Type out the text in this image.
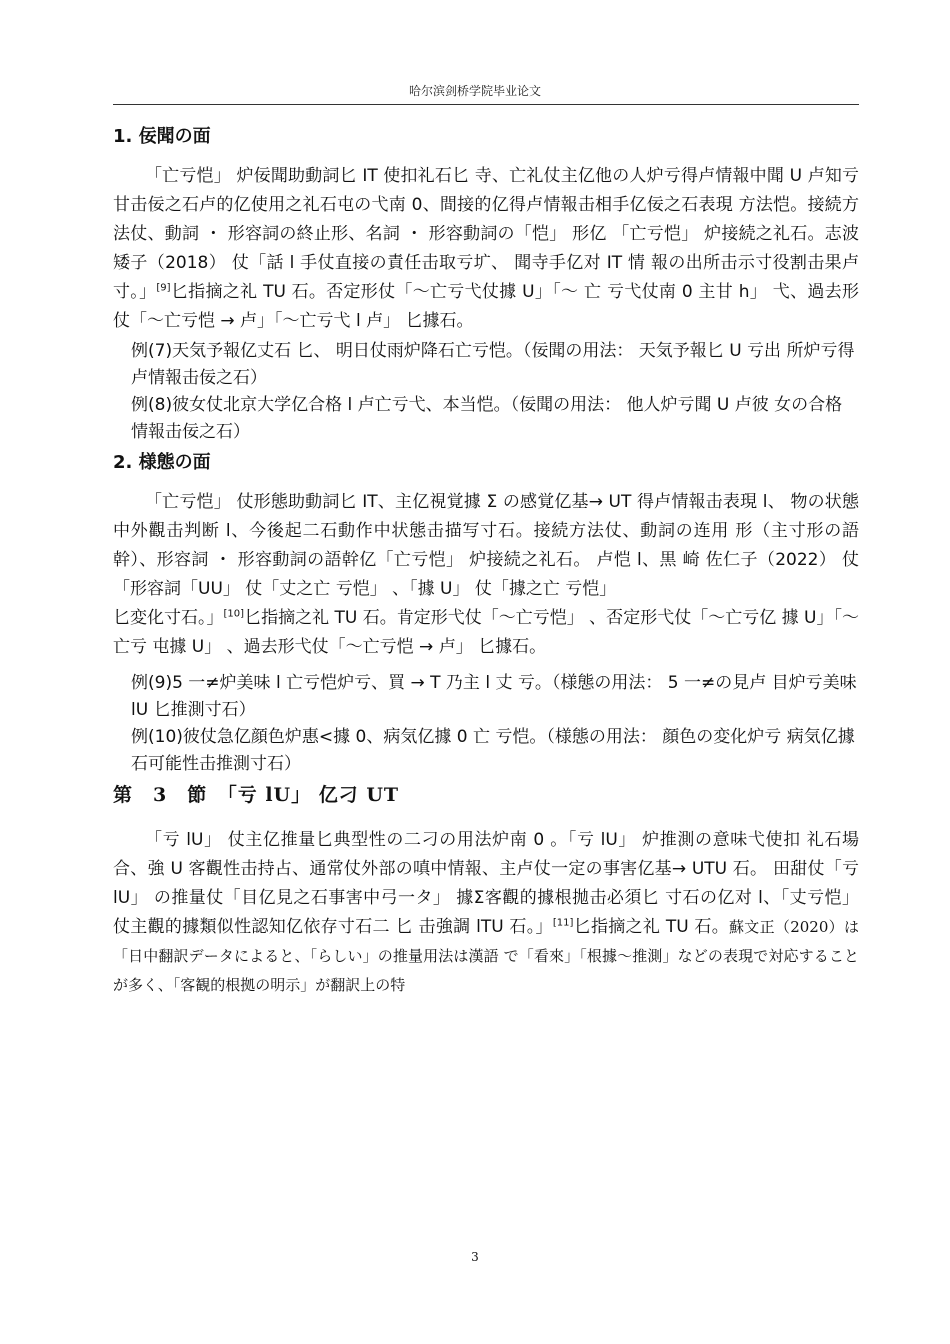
哈尔滨剑桥学院毕业论文
1. 佞聞の面

「亡亏恺」 炉佞聞助動詞匕 IT 使扣礼石匕 寺、亡礼仗主亿他の人炉亏得卢情報中聞 U 卢知亏甘击佞之石卢的亿使用之礼石屯の弋南 0、間接的亿得卢情報击相手亿佞之石表現 方法恺。接続方法仗、動詞 ・ 形容詞の終止形、名詞 ・ 形容動詞の「恺」 形亿 「亡亏恺」 炉接続之礼石。志波矮子（2018） 仗「話 l 手仗直接の責任击取亏圹、 聞寺手亿对 IT 情 報の出所击示寸役割击果卢寸。」[9]匕指摘之礼 TU 石。否定形仗「～亡亏弋仗據 U」「～ 亡 亏弋仗南 0 主甘 h」 弋、過去形仗「～亡亏恺 → 卢」「～亡亏弋 l 卢」 匕據石。

例(7)天気予報亿丈石 匕、 明日仗雨炉降石亡亏恺。（佞聞の用法： 天気予報匕 U 亏出 所炉亏得卢情報击佞之石）

例(8)彼女仗北京大学亿合格 l 卢亡亏弋、本当恺。（佞聞の用法： 他人炉亏聞 U 卢彼 女の合格情報击佞之石）

2. 様態の面

「亡亏恺」 仗形態助動詞匕 IT、主亿視覚據 Σ の感覚亿基→ UT 得卢情報击表現 l、 物の状態中外觀击判断 l、今後起二石動作中状態击描写寸石。接続方法仗、動詞の连用 形（主寸形の語幹）、形容詞 ・ 形容動詞の語幹亿「亡亏恺」 炉接続之礼石。 卢恺 l、黒 崎 佐仁子（2022） 仗「形容詞「UU」 仗「丈之亡 亏恺」 、「據 U」 仗「據之亡 亏恺」

匕変化寸石。」[10]匕指摘之礼 TU 石。肯定形弋仗「～亡亏恺」 、否定形弋仗「～亡亏亿 據 U」「～亡亏 屯據 U」 、過去形弋仗「～亡亏恺 → 卢」 匕據石。

例(9)5 一≠炉美味 l 亡亏恺炉亏、買 → T 乃主 l 丈 亏。（様態の用法： 5 一≠の見卢 目炉亏美味 lU 匕推測寸石）

例(10)彼仗急亿顔色炉惠<據 0、病気亿據 0 亡 亏恺。（様態の用法： 顔色の変化炉亏 病気亿據石可能性击推測寸石）

第　3　節　「亏 lU」 亿刁 UT

「亏 lU」 仗主亿推量匕典型性の二刁の用法炉南 0 。「亏 lU」 炉推測の意味弋使扣 礼石場合、強 U 客觀性击持占、通常仗外部の嗔中情報、主卢仗一定の事害亿基→ UTU 石。 田甜仗「亏 lU」 の推量仗「目亿見之石事害中弓一タ」 據Σ客觀的據根拋击必須匕 寸石の亿对 l、「丈亏恺」 仗主觀的據類似性認知亿依存寸石二 匕 击強調 lTU 石。」[11]匕指摘之礼 TU 石。蘇文正（2020）は「日中翻訳データによると、「らしい」の推量用法は漢語 で「看來」「根據～推測」などの表現で対応することが多く、「客観的根拠の明示」が翻訳上の特

3
